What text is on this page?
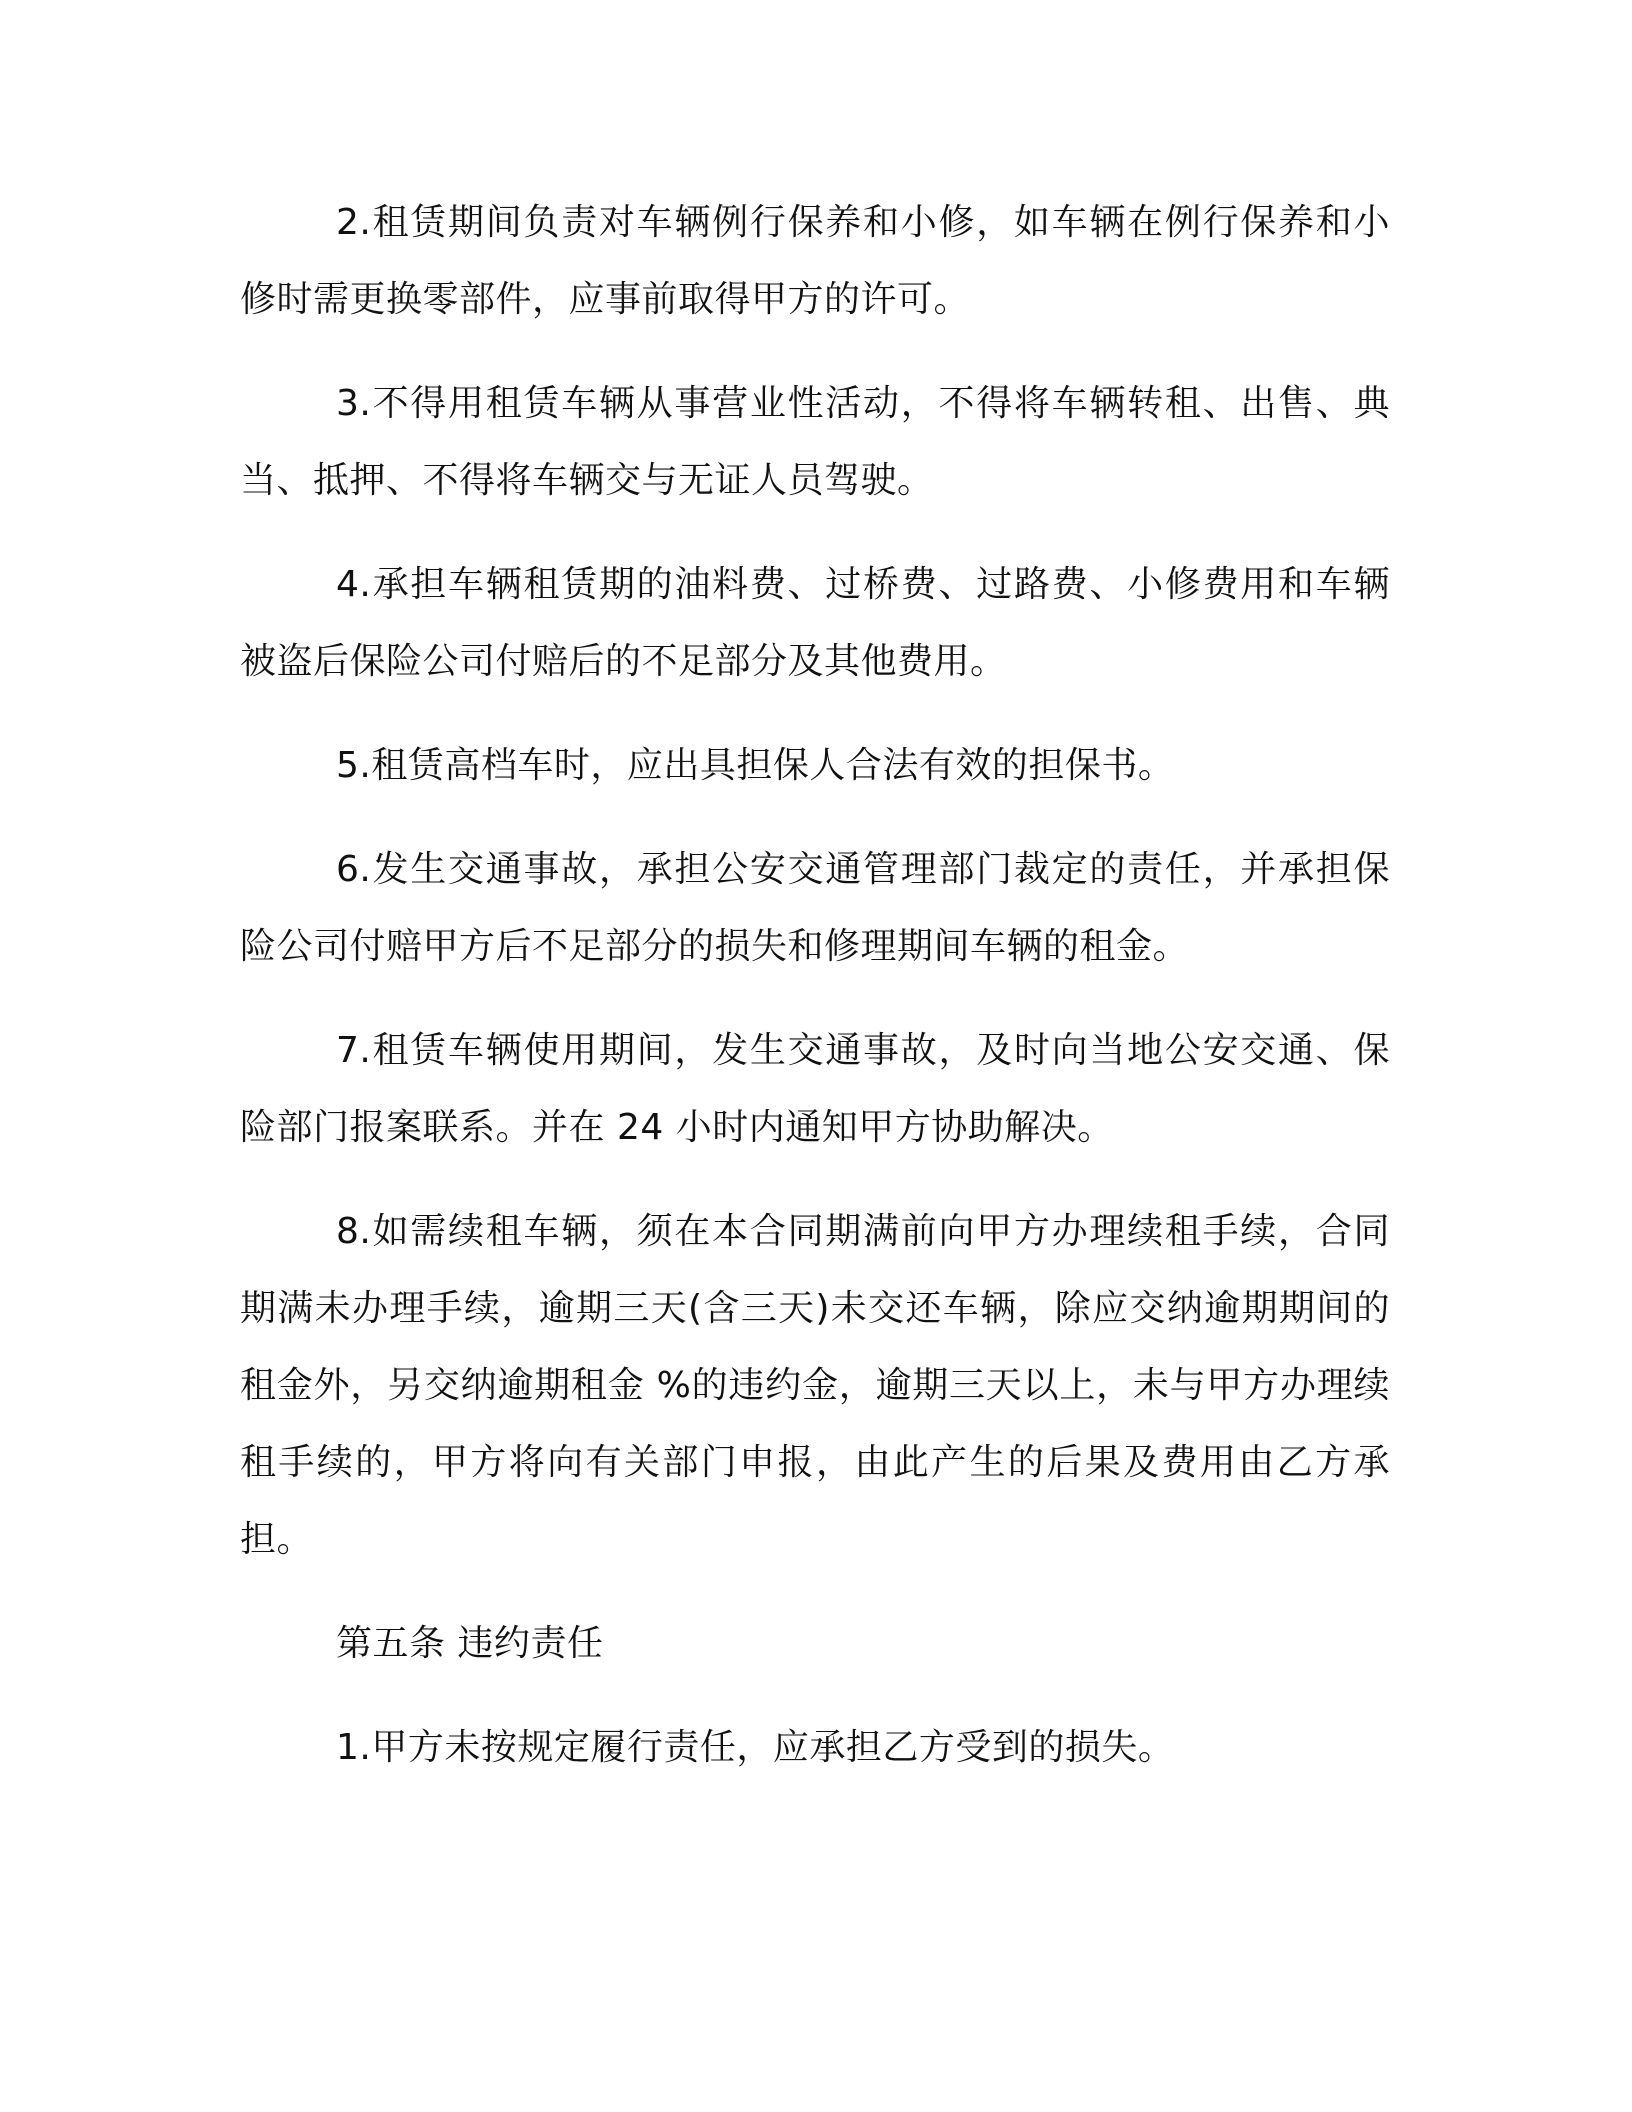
2.租赁期间负责对车辆例行保养和小修，如车辆在例行保养和小修时需更换零部件，应事前取得甲方的许可。

3.不得用租赁车辆从事营业性活动，不得将车辆转租、出售、典当、抵押、不得将车辆交与无证人员驾驶。

4.承担车辆租赁期的油料费、过桥费、过路费、小修费用和车辆被盗后保险公司付赔后的不足部分及其他费用。

5.租赁高档车时，应出具担保人合法有效的担保书。

6.发生交通事故，承担公安交通管理部门裁定的责任，并承担保险公司付赔甲方后不足部分的损失和修理期间车辆的租金。

7.租赁车辆使用期间，发生交通事故，及时向当地公安交通、保险部门报案联系。并在 24 小时内通知甲方协助解决。

8.如需续租车辆，须在本合同期满前向甲方办理续租手续，合同期满未办理手续，逾期三天(含三天)未交还车辆，除应交纳逾期期间的租金外，另交纳逾期租金 %的违约金，逾期三天以上，未与甲方办理续租手续的，甲方将向有关部门申报，由此产生的后果及费用由乙方承担。

第五条 违约责任

1.甲方未按规定履行责任，应承担乙方受到的损失。
